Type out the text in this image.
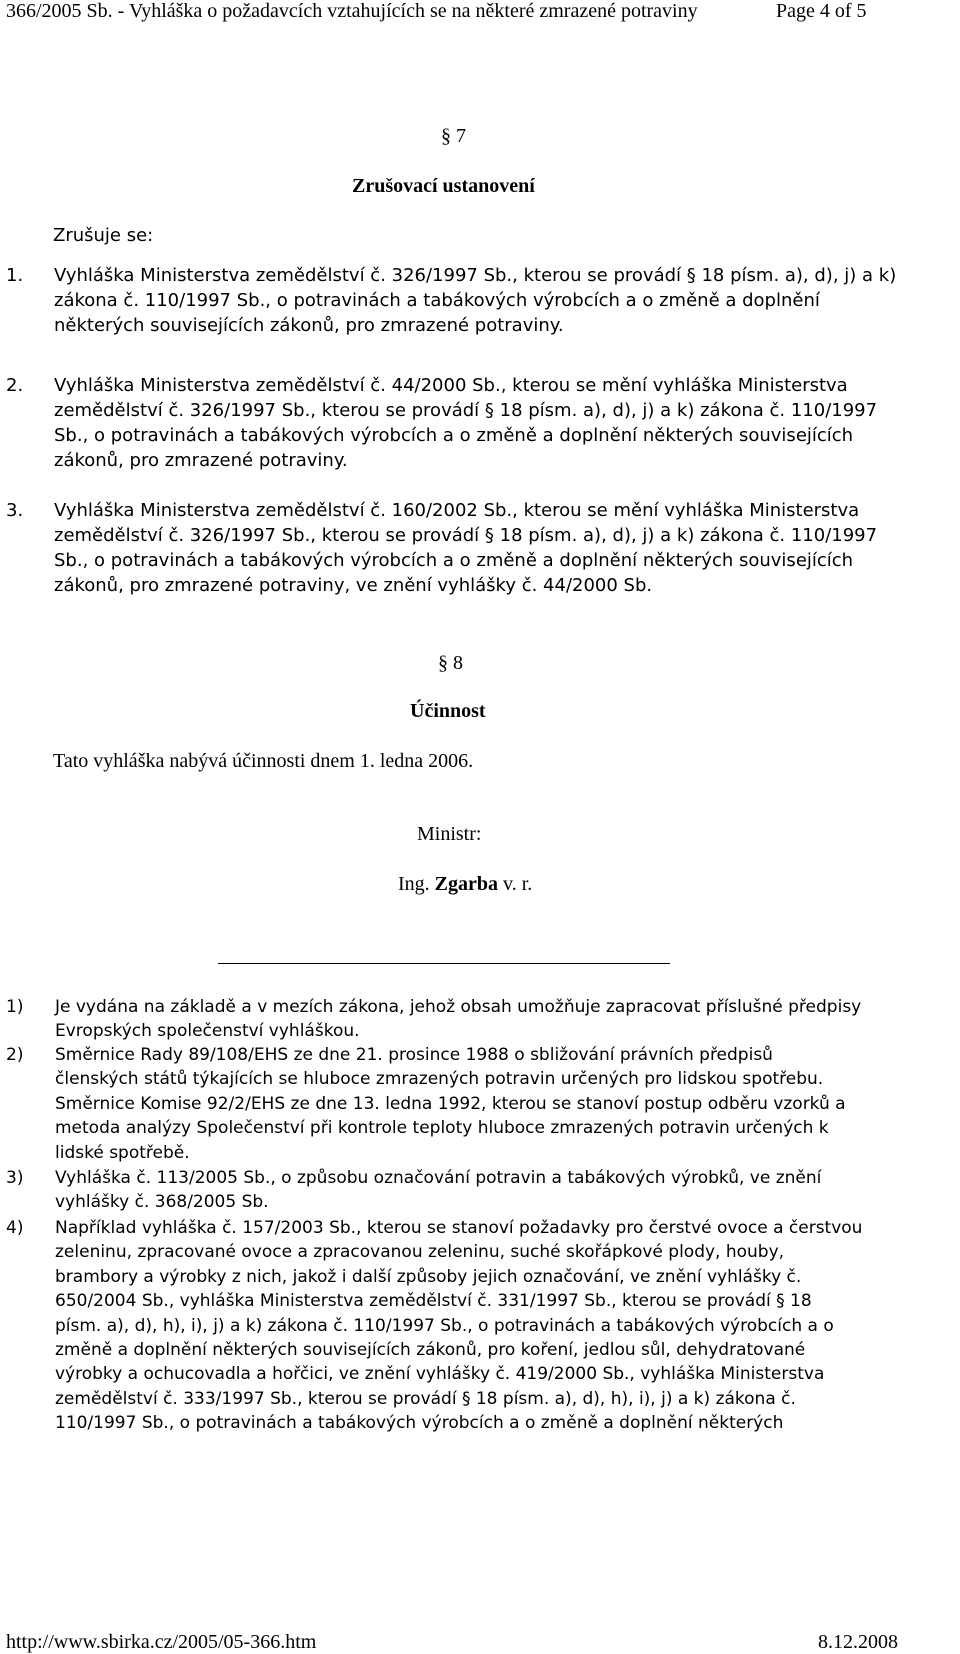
366/2005 Sb. - Vyhláška o požadavcích vztahujících se na některé zmrazené potraviny	Page 4 of 5
§ 7
Zrušovací ustanovení
Zrušuje se:
1. Vyhláška Ministerstva zemědělství č. 326/1997 Sb., kterou se provádí § 18 písm. a), d), j) a k)
zákona č. 110/1997 Sb., o potravinách a tabákových výrobcích a o změně a doplnění
některých souvisejících zákonů, pro zmrazené potraviny.
2. Vyhláška Ministerstva zemědělství č. 44/2000 Sb., kterou se mění vyhláška Ministerstva
zemědělství č. 326/1997 Sb., kterou se provádí § 18 písm. a), d), j) a k) zákona č. 110/1997
Sb., o potravinách a tabákových výrobcích a o změně a doplnění některých souvisejících
zákonů, pro zmrazené potraviny.
3. Vyhláška Ministerstva zemědělství č. 160/2002 Sb., kterou se mění vyhláška Ministerstva
zemědělství č. 326/1997 Sb., kterou se provádí § 18 písm. a), d), j) a k) zákona č. 110/1997
Sb., o potravinách a tabákových výrobcích a o změně a doplnění některých souvisejících
zákonů, pro zmrazené potraviny, ve znění vyhlášky č. 44/2000 Sb.
§ 8
Účinnost
Tato vyhláška nabývá účinnosti dnem 1. ledna 2006.
Ministr:
Ing. Zgarba v. r.
1) Je vydána na základě a v mezích zákona, jehož obsah umožňuje zapracovat příslušné předpisy
Evropských společenství vyhláškou.
2) Směrnice Rady 89/108/EHS ze dne 21. prosince 1988 o sbližování právních předpisů
členských států týkajících se hluboce zmrazených potravin určených pro lidskou spotřebu.
Směrnice Komise 92/2/EHS ze dne 13. ledna 1992, kterou se stanoví postup odběru vzorků a
metoda analýzy Společenství při kontrole teploty hluboce zmrazených potravin určených k
lidské spotřebě.
3) Vyhláška č. 113/2005 Sb., o způsobu označování potravin a tabákových výrobků, ve znění
vyhlášky č. 368/2005 Sb.
4) Například vyhláška č. 157/2003 Sb., kterou se stanoví požadavky pro čerstvé ovoce a čerstvou
zeleninu, zpracované ovoce a zpracovanou zeleninu, suché skořápkové plody, houby,
brambory a výrobky z nich, jakož i další způsoby jejich označování, ve znění vyhlášky č.
650/2004 Sb., vyhláška Ministerstva zemědělství č. 331/1997 Sb., kterou se provádí § 18
písm. a), d), h), i), j) a k) zákona č. 110/1997 Sb., o potravinách a tabákových výrobcích a o
změně a doplnění některých souvisejících zákonů, pro koření, jedlou sůl, dehydratované
výrobky a ochucovadla a hořčici, ve znění vyhlášky č. 419/2000 Sb., vyhláška Ministerstva
zemědělství č. 333/1997 Sb., kterou se provádí § 18 písm. a), d), h), i), j) a k) zákona č.
110/1997 Sb., o potravinách a tabákových výrobcích a o změně a doplnění některých
http://www.sbirka.cz/2005/05-366.htm	8.12.2008
